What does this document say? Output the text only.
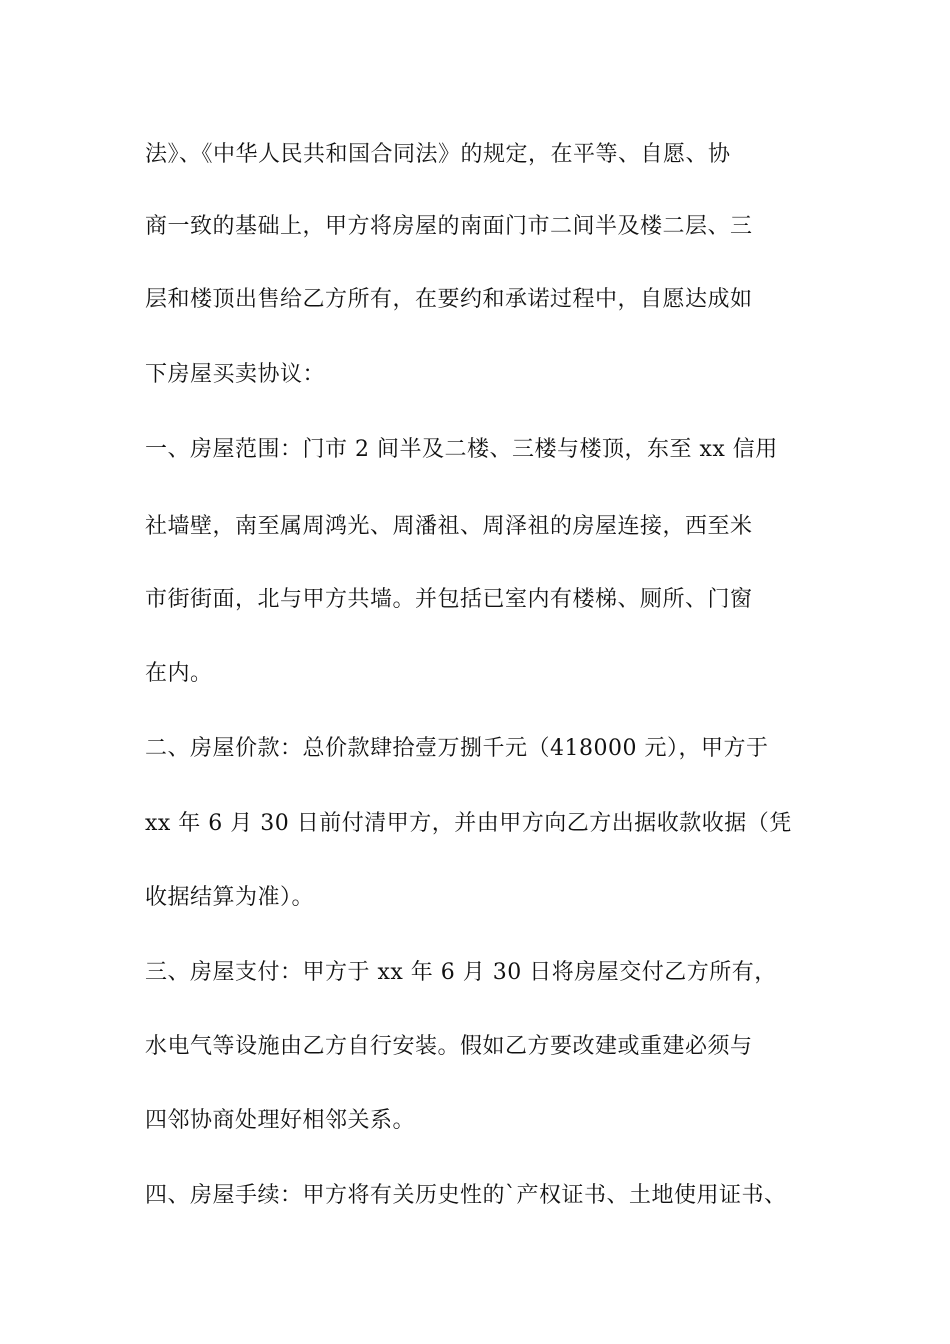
法》、《中华人民共和国合同法》的规定，在平等、自愿、协
商一致的基础上，甲方将房屋的南面门市二间半及楼二层、三
层和楼顶出售给乙方所有，在要约和承诺过程中，自愿达成如
下房屋买卖协议：
一、房屋范围：门市 2 间半及二楼、三楼与楼顶，东至 xx 信用
社墙壁，南至属周鸿光、周潘祖、周泽祖的房屋连接，西至米
市街街面，北与甲方共墙。并包括已室内有楼梯、厕所、门窗
在内。
二、房屋价款：总价款肆拾壹万捌千元（418000 元），甲方于
xx 年 6 月 30 日前付清甲方，并由甲方向乙方出据收款收据（凭
收据结算为准）。
三、房屋支付：甲方于 xx 年 6 月 30 日将房屋交付乙方所有，
水电气等设施由乙方自行安装。假如乙方要改建或重建必须与
四邻协商处理好相邻关系。
四、房屋手续：甲方将有关历史性的`产权证书、土地使用证书、
